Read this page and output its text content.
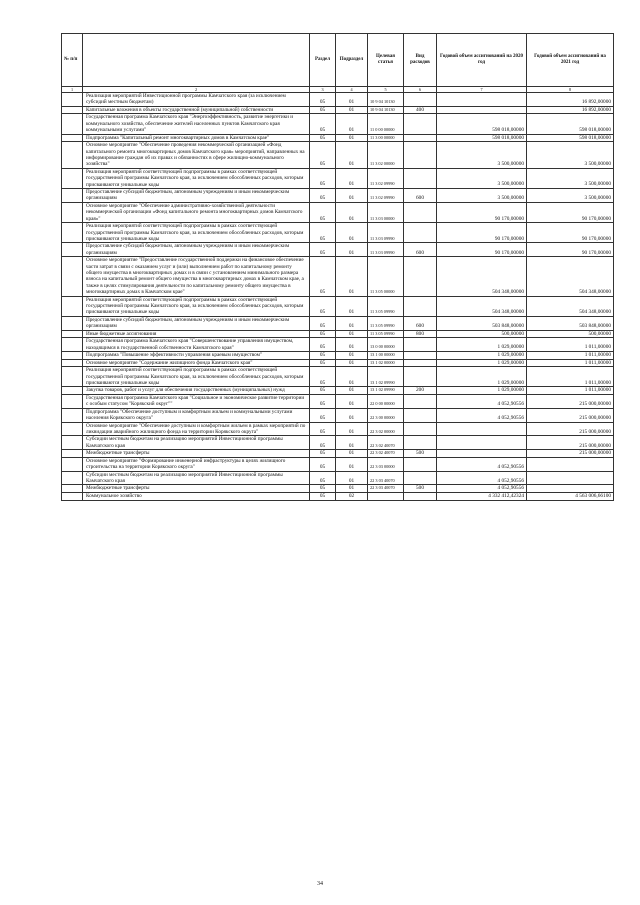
№ п/п		Раздел	Подраздел	Целевая статья	Вид расходов	Годовой объем ассигнований на 2020 год	Годовой объем ассигнований на 2021 год
1	2	3	4	5	6	7	8
	Реализация мероприятий Инвестиционной программы Камчатского края (за исключением субсидий местным бюджетам)	05	01	10 9 04 10130			16 892,00000
	Капитальные вложения в объекты государственной (муниципальной) собственности	05	01	10 9 04 10130	400		16 892,00000
	Государственная программа Камчатского края "Энергоэффективность, развитие энергетики и коммунального хозяйства, обеспечение жителей населенных пунктов Камчатского края коммунальными услугами"	05	01	11 0 00 00000		598 018,00000	598 018,00000
	Подпрограмма "Капитальный ремонт многоквартирных домов в Камчатском крае"	05	01	11 3 00 00000		598 018,00000	598 018,00000
	Основное мероприятие "Обеспечение проведения некоммерческой организацией «Фонд капитального ремонта многоквартирных домов Камчатского края» мероприятий, направленных на информирование граждан об их правах и обязанностях в сфере жилищно-коммунального хозяйства"	05	01	11 3 02 00000		3 500,00000	3 500,00000
	Реализация мероприятий соответствующей подпрограммы в рамках соответствующей государственной программы Камчатского края, за исключением обособленных расходов, которым присваиваются уникальные коды	05	01	11 3 02 09990		3 500,00000	3 500,00000
	Предоставление субсидий бюджетным, автономным учреждениям и иным некоммерческим организациям	05	01	11 3 02 09990	600	3 500,00000	3 500,00000
	Основное мероприятие "Обеспечение административно-хозяйственной деятельности некоммерческой организации «Фонд капитального ремонта многоквартирных домов Камчатского края»"	05	01	11 3 03 00000		90 170,00000	90 170,00000
	Реализация мероприятий соответствующей подпрограммы в рамках соответствующей государственной программы Камчатского края, за исключением обособленных расходов, которым присваиваются уникальные коды	05	01	11 3 03 09990		90 170,00000	90 170,00000
	Предоставление субсидий бюджетным, автономным учреждениям и иным некоммерческим организациям	05	01	11 3 03 09990	600	90 170,00000	90 170,00000
	Основное мероприятие "Предоставление государственной поддержки на финансовое обеспечение части затрат в связи с оказанием услуг и (или) выполнением работ по капитальному ремонту общего имущества в многоквартирных домах и в связи с установлением минимального размера взноса на капитальный ремонт общего имущества в многоквартирных домах в Камчатском крае, а также в целях стимулирования деятельности по капитальному ремонту общего имущества в многоквартирных домах в Камчатском крае"	05	01	11 3 05 00000		504 348,00000	504 348,00000
	Реализация мероприятий соответствующей подпрограммы в рамках соответствующей государственной программы Камчатского края, за исключением обособленных расходов, которым присваиваются уникальные коды	05	01	11 3 05 09990		504 348,00000	504 348,00000
	Предоставление субсидий бюджетным, автономным учреждениям и иным некоммерческим организациям	05	01	11 3 05 09990	600	503 848,00000	503 848,00000
	Иные бюджетные ассигнования	05	01	11 3 05 09990	800	500,00000	500,00000
	Государственная программа Камчатского края "Совершенствование управления имуществом, находящимся в государственной собственности Камчатского края"	05	01	13 0 00 00000		1 029,00000	1 011,00000
	Подпрограмма "Повышение эффективности управления краевым имуществом"	05	01	13 1 00 00000		1 029,00000	1 011,00000
	Основное мероприятие "Содержание жилищного фонда Камчатского края"	05	01	13 1 02 00000		1 029,00000	1 011,00000
	Реализация мероприятий соответствующей подпрограммы в рамках соответствующей государственной программы Камчатского края, за исключением обособленных расходов, которым присваиваются уникальные коды	05	01	13 1 02 09990		1 029,00000	1 011,00000
	Закупка товаров, работ и услуг для обеспечения государственных (муниципальных) нужд	05	01	13 1 02 09990	200	1 029,00000	1 011,00000
	Государственная программа Камчатского края "Социальное и экономическое развитие территории с особым статусом "Корякский округ""	05	01	22 0 00 00000		4 052,90556	215 000,00000
	Подпрограмма "Обеспечение доступным и комфортным жильем и коммунальными услугами населения Корякского округа"	05	01	22 3 00 00000		4 052,90556	215 000,00000
	Основное мероприятие "Обеспечение доступным и комфортным жильем в рамках мероприятий по ликвидации аварийного жилищного фонда на территории Корякского округа"	05	01	22 3 02 00000			215 000,00000
	Субсидии местным бюджетам на реализацию мероприятий Инвестиционной программы Камчатского края	05	01	22 3 02 40070			215 000,00000
	Межбюджетные трансферты	05	01	22 3 02 40070	500		215 000,00000
	Основное мероприятие "Формирование инженерной инфраструктуры в целях жилищного строительства на территории Корякского округа"	05	01	22 3 03 00000		4 052,90556	
	Субсидии местным бюджетам на реализацию мероприятий Инвестиционной программы Камчатского края	05	01	22 3 03 40070		4 052,90556	
	Межбюджетные трансферты	05	01	22 3 03 40070	500	4 052,90556	
	Коммунальное хозяйство	05	02			4 332 412,42324	4 563 006,66100
34
